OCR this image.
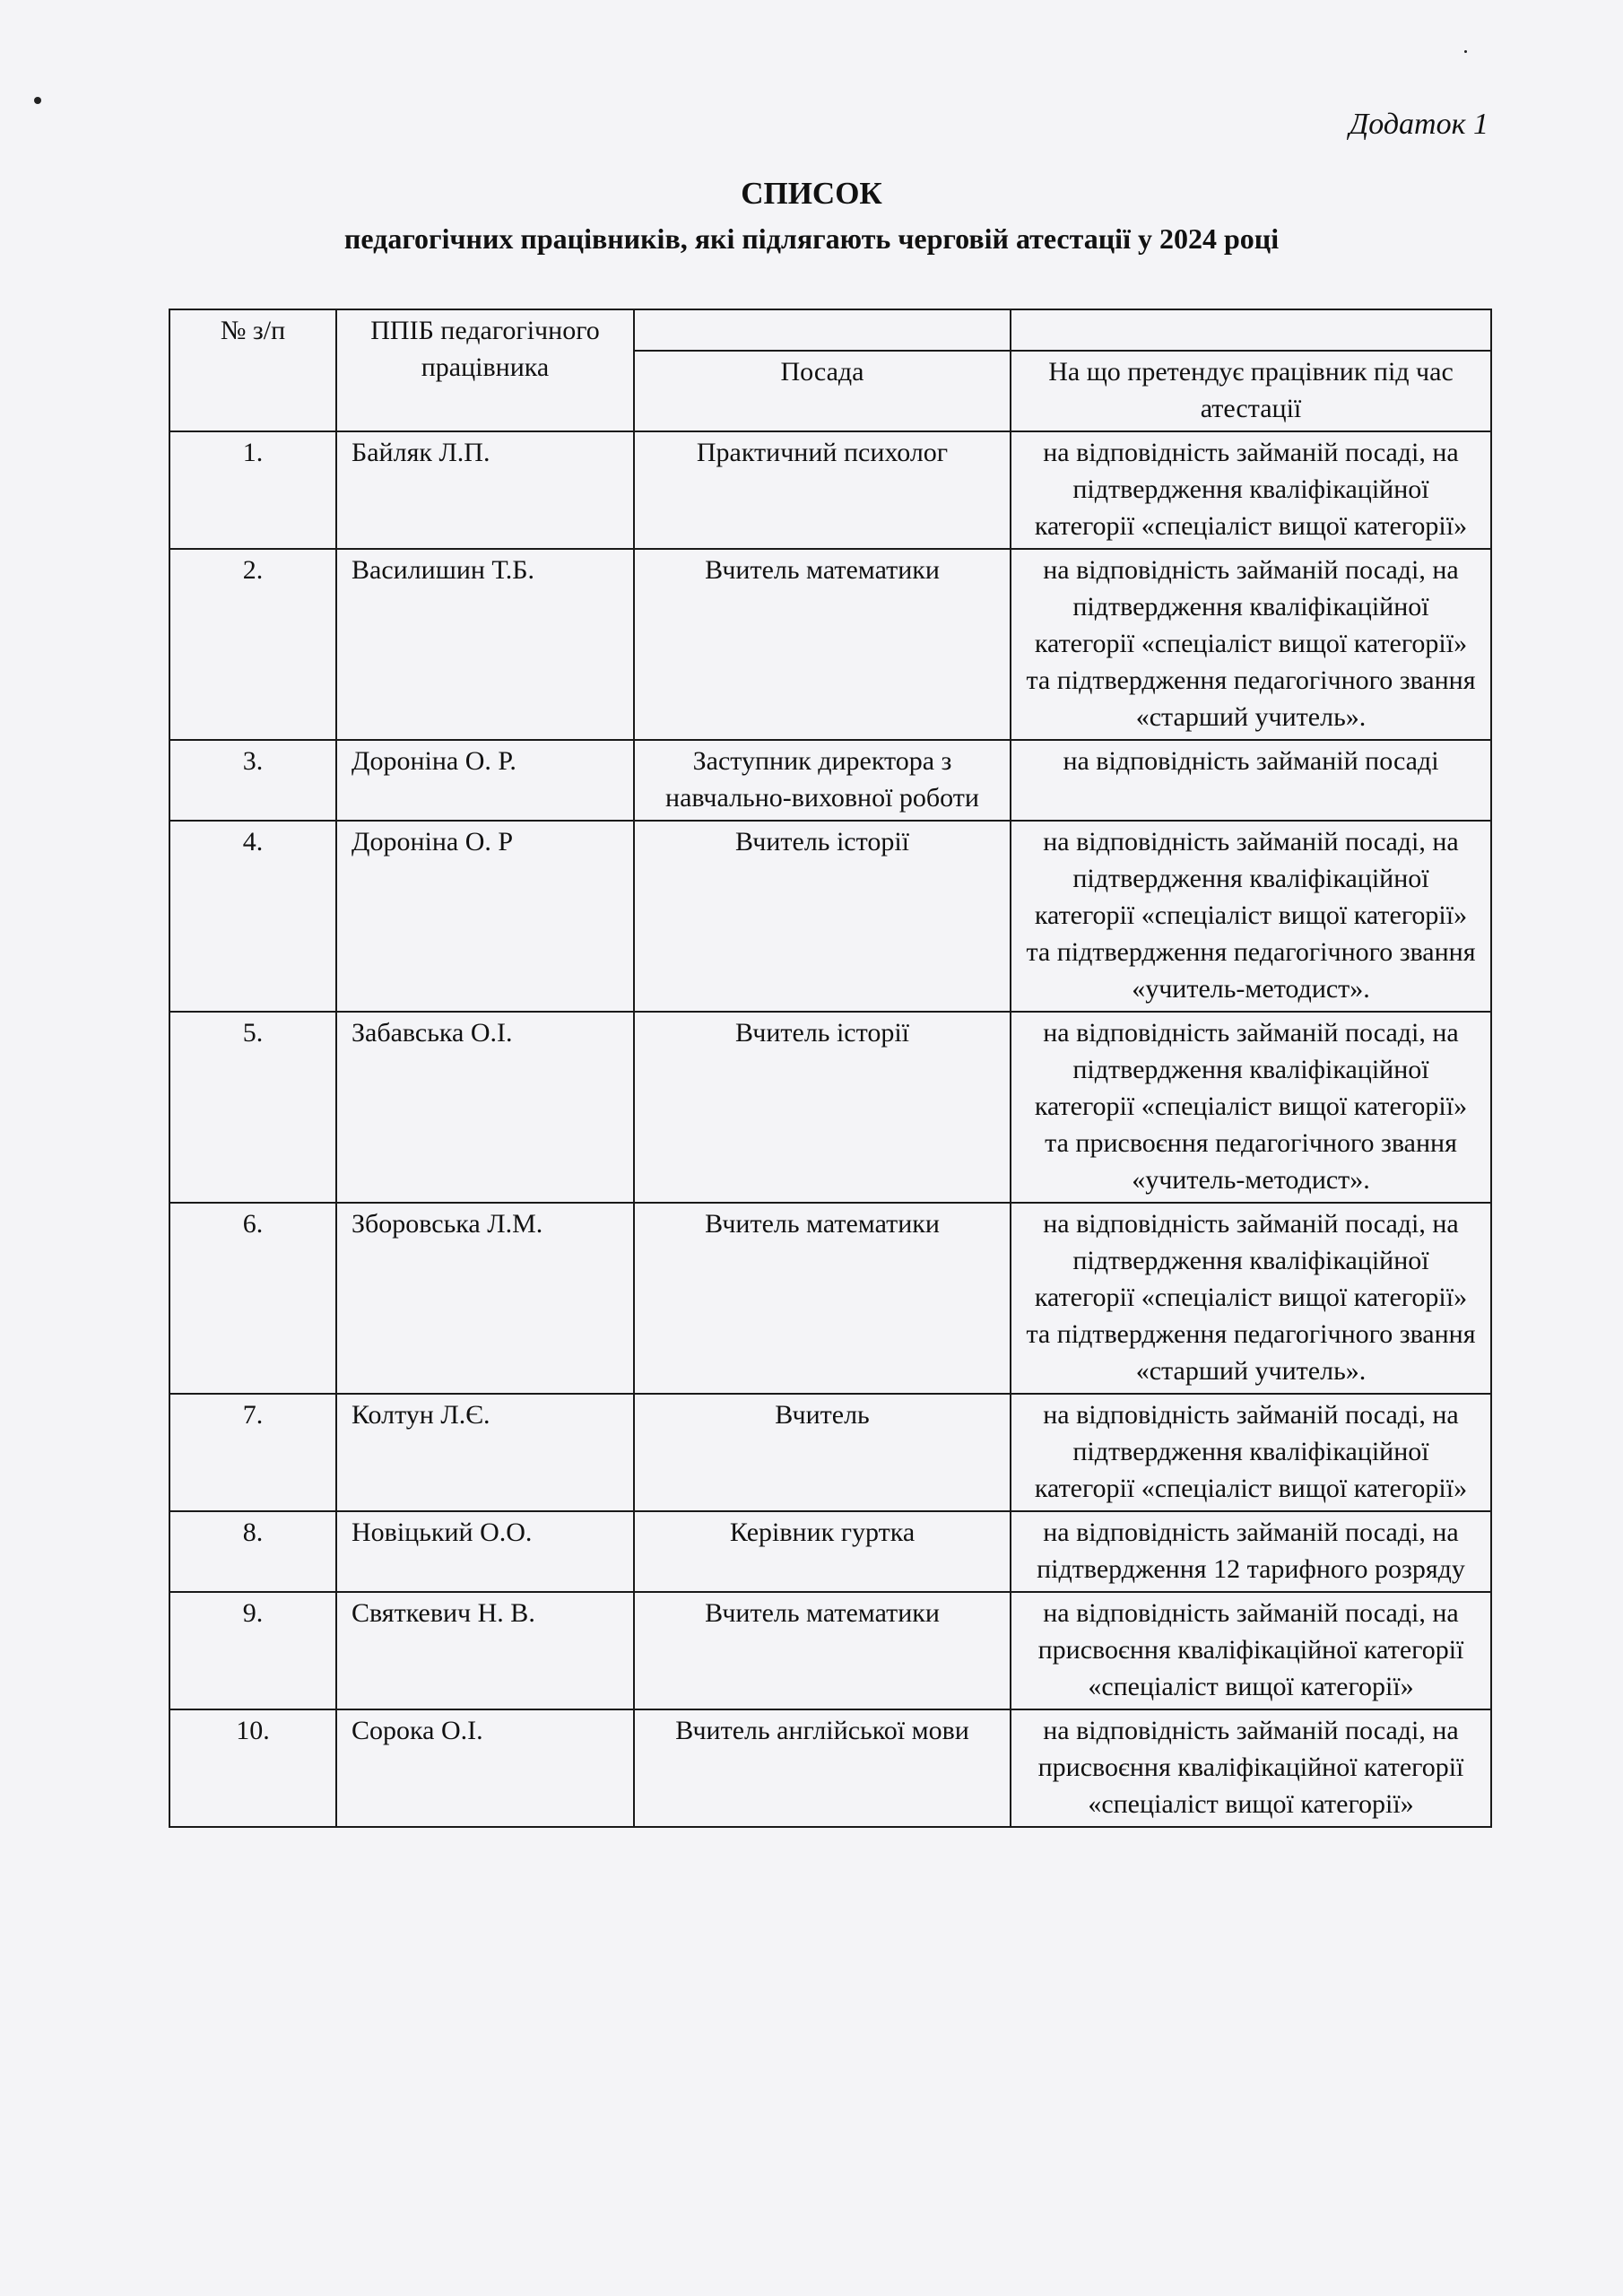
Додаток 1
СПИСОК
педагогічних працівників, які підлягають черговій атестації у 2024 році
№ з/п	ППІБ педагогічного працівника		
		Посада	На що претендує працівник під час атестації
1.	Байляк Л.П.	Практичний психолог	на відповідність займаній посаді, на підтвердження кваліфікаційної категорії «спеціаліст вищої категорії»
2.	Василишин Т.Б.	Вчитель математики	на відповідність займаній посаді, на підтвердження кваліфікаційної категорії «спеціаліст вищої категорії» та підтвердження педагогічного звання «старший учитель».
3.	Дороніна О. Р.	Заступник директора з навчально-виховної роботи	на відповідність займаній посаді
4.	Дороніна О. Р	Вчитель історії	на відповідність займаній посаді, на підтвердження кваліфікаційної категорії «спеціаліст вищої категорії» та підтвердження педагогічного звання «учитель-методист».
5.	Забавська О.І.	Вчитель історії	на відповідність займаній посаді, на підтвердження кваліфікаційної категорії «спеціаліст вищої категорії» та присвоєння педагогічного звання «учитель-методист».
6.	Зборовська Л.М.	Вчитель математики	на відповідність займаній посаді, на підтвердження кваліфікаційної категорії «спеціаліст вищої категорії» та підтвердження педагогічного звання «старший учитель».
7.	Колтун Л.Є.	Вчитель	на відповідність займаній посаді, на підтвердження кваліфікаційної категорії «спеціаліст вищої категорії»
8.	Новіцький О.О.	Керівник гуртка	на відповідність займаній посаді, на підтвердження 12 тарифного розряду
9.	Святкевич Н. В.	Вчитель математики	на відповідність займаній посаді, на присвоєння кваліфікаційної категорії «спеціаліст вищої категорії»
10.	Сорока О.І.	Вчитель англійської мови	на відповідність займаній посаді, на присвоєння кваліфікаційної категорії «спеціаліст вищої категорії»
